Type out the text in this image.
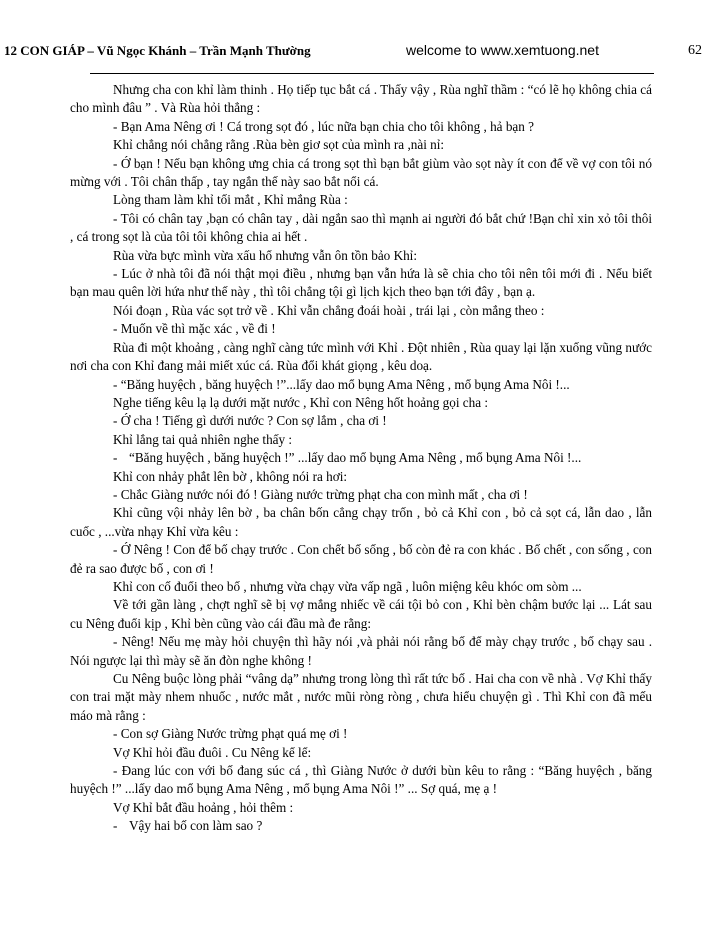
12 CON GIÁP – Vũ Ngọc Khánh – Trần Mạnh Thường	welcome to www.xemtuong.net	62

Nhưng cha con khỉ làm thinh . Họ tiếp tục bắt cá . Thấy vậy , Rùa nghĩ thầm : “có lẽ họ không chia cá cho mình đâu ” . Và Rùa hỏi thẳng :

- Bạn Ama Nêng ơi ! Cá trong sọt đó , lúc nữa bạn chia cho tôi không , hả bạn ?

Khỉ chẳng nói chẳng rằng .Rùa bèn giơ sọt của mình ra ,nài nỉ:

- Ớ bạn ! Nếu bạn không ưng chia cá trong sọt thì bạn bắt giùm vào sọt này ít con để về vợ con tôi nó mừng với . Tôi chân thấp , tay ngắn thế này sao bắt nổi cá.

Lòng tham làm khỉ tối mắt , Khỉ mắng Rùa :

- Tôi có chân tay ,bạn có chân tay , dài ngắn sao thì mạnh ai người đó bắt chứ !Bạn chỉ xin xỏ tôi thôi , cá trong sọt là của tôi tôi không chia ai hết .

Rùa vừa bực mình vừa xấu hổ nhưng vẫn ôn tồn bảo Khỉ:

- Lúc ở nhà tôi đã nói thật mọi điều , nhưng bạn vẫn hứa là sẽ chia cho tôi nên tôi mới đi . Nếu biết bạn mau quên lời hứa như thế này , thì tôi chẳng tội gì lịch kịch theo bạn tới đây , bạn ạ.

Nói đoạn , Rùa vác sọt trở về . Khỉ vẫn chẳng đoái hoài , trái lại , còn mắng theo :

- Muốn về thì mặc xác , về đi !

Rùa đi một khoảng , càng nghĩ càng tức mình với Khỉ . Đột nhiên , Rùa quay lại lặn xuống vũng nước nơi cha con Khỉ đang mải miết xúc cá. Rùa đổi khát giọng , kêu doạ.

- “Băng huyệch , băng huyệch !”...lấy dao mổ bụng Ama Nêng , mổ bụng Ama Nôi !...

Nghe tiếng kêu lạ lạ dưới mặt nước , Khỉ con Nêng hốt hoảng gọi cha :

- Ớ cha ! Tiếng gì dưới nước ? Con sợ lắm , cha ơi !

Khỉ lắng tai quả nhiên nghe thấy :

- “Băng huyệch , băng huyệch !” ...lấy dao mổ bụng Ama Nêng , mổ bụng Ama Nôi !...

Khỉ con nhảy phắt lên bờ , không nói ra hơi:

- Chắc Giàng nước nói đó ! Giàng nước trừng phạt cha con mình mất , cha ơi !

Khỉ cũng vội nhảy lên bờ , ba chân bốn cẳng chạy trốn , bỏ cả Khỉ con , bỏ cả sọt cá, lẫn dao , lẫn cuốc , ...vừa nhạy Khỉ vừa kêu :

- Ớ Nêng ! Con để bố chạy trước . Con chết bố sống , bố còn đẻ ra con khác . Bố chết , con sống , con đẻ ra sao được bố , con ơi !

Khỉ con cố đuổi theo bố , nhưng vừa chạy vừa vấp ngã , luôn miệng kêu khóc om sòm ...

Về tới gần làng , chợt nghĩ sẽ bị vợ mắng nhiếc về cái tội bỏ con , Khỉ bèn chậm bước lại ... Lát sau cu Nêng đuổi kịp , Khỉ bèn cũng vào cái đầu mà đe rằng:

- Nêng! Nếu mẹ mày hỏi chuyện thì hãy nói ,và phải nói rằng bố để mày chạy trước , bố chạy sau . Nói ngược lại thì mày sẽ ăn đòn nghe không !

Cu Nêng buộc lòng phải “vâng dạ” nhưng trong lòng thì rất tức bố . Hai cha con về nhà . Vợ Khỉ thấy con trai mặt mày nhem nhuốc , nước mắt , nước mũi ròng ròng , chưa hiểu chuyện gì . Thì Khỉ con đã mếu máo mà rằng :

- Con sợ Giàng Nước trừng phạt quá mẹ ơi !

Vợ Khỉ hỏi đầu đuôi . Cu Nêng kể lể:

- Đang lúc con với bố đang súc cá , thì Giàng Nước ở dưới bùn kêu to rằng : “Băng huyệch , băng huyệch !” ...lấy dao mổ bụng Ama Nêng , mổ bụng Ama Nôi !” ... Sợ quá, mẹ ạ !

Vợ Khỉ bắt đầu hoảng , hỏi thêm :

- Vậy hai bố con làm sao ?
